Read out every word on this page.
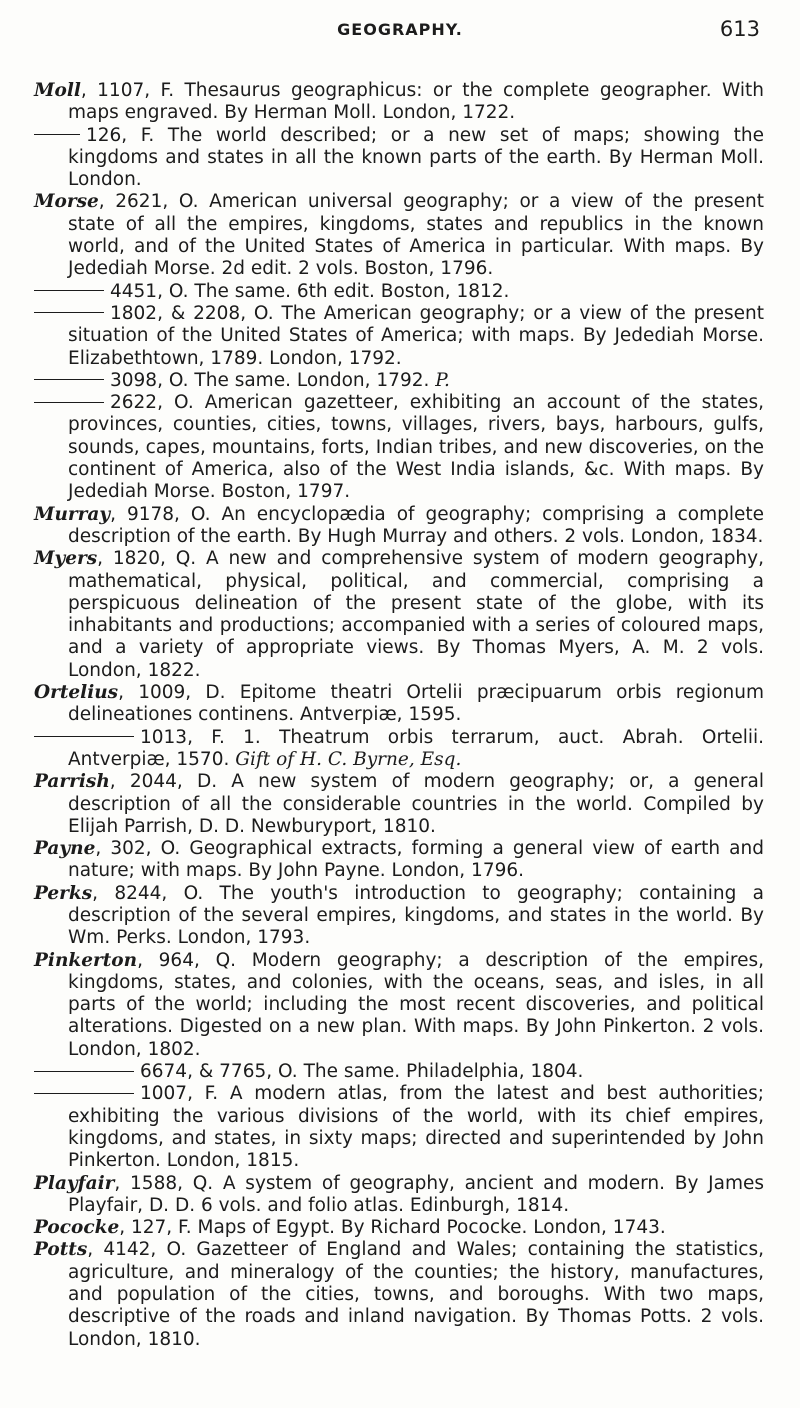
GEOGRAPHY.	613
Moll, 1107, F. Thesaurus geographicus: or the complete geographer. With maps engraved. By Herman Moll. London, 1722.
126, F. The world described; or a new set of maps; showing the kingdoms and states in all the known parts of the earth. By Herman Moll. London.
Morse, 2621, O. American universal geography; or a view of the present state of all the empires, kingdoms, states and republics in the known world, and of the United States of America in particular. With maps. By Jedediah Morse. 2d edit. 2 vols. Boston, 1796.
4451, O. The same. 6th edit. Boston, 1812.
1802, & 2208, O. The American geography; or a view of the present situation of the United States of America; with maps. By Jedediah Morse. Elizabethtown, 1789. London, 1792.
3098, O. The same. London, 1792. P.
2622, O. American gazetteer, exhibiting an account of the states, provinces, counties, cities, towns, villages, rivers, bays, harbours, gulfs, sounds, capes, mountains, forts, Indian tribes, and new discoveries, on the continent of America, also of the West India islands, &c. With maps. By Jedediah Morse. Boston, 1797.
Murray, 9178, O. An encyclopædia of geography; comprising a complete description of the earth. By Hugh Murray and others. 2 vols. London, 1834.
Myers, 1820, Q. A new and comprehensive system of modern geography, mathematical, physical, political, and commercial, comprising a perspicuous delineation of the present state of the globe, with its inhabitants and productions; accompanied with a series of coloured maps, and a variety of appropriate views. By Thomas Myers, A. M. 2 vols. London, 1822.
Ortelius, 1009, D. Epitome theatri Ortelii præcipuarum orbis regionum delineationes continens. Antverpiæ, 1595.
1013, F. 1. Theatrum orbis terrarum, auct. Abrah. Ortelii. Antverpiæ, 1570. Gift of H. C. Byrne, Esq.
Parrish, 2044, D. A new system of modern geography; or, a general description of all the considerable countries in the world. Compiled by Elijah Parrish, D. D. Newburyport, 1810.
Payne, 302, O. Geographical extracts, forming a general view of earth and nature; with maps. By John Payne. London, 1796.
Perks, 8244, O. The youth's introduction to geography; containing a description of the several empires, kingdoms, and states in the world. By Wm. Perks. London, 1793.
Pinkerton, 964, Q. Modern geography; a description of the empires, kingdoms, states, and colonies, with the oceans, seas, and isles, in all parts of the world; including the most recent discoveries, and political alterations. Digested on a new plan. With maps. By John Pinkerton. 2 vols. London, 1802.
6674, & 7765, O. The same. Philadelphia, 1804.
1007, F. A modern atlas, from the latest and best authorities; exhibiting the various divisions of the world, with its chief empires, kingdoms, and states, in sixty maps; directed and superintended by John Pinkerton. London, 1815.
Playfair, 1588, Q. A system of geography, ancient and modern. By James Playfair, D. D. 6 vols. and folio atlas. Edinburgh, 1814.
Pococke, 127, F. Maps of Egypt. By Richard Pococke. London, 1743.
Potts, 4142, O. Gazetteer of England and Wales; containing the statistics, agriculture, and mineralogy of the counties; the history, manufactures, and population of the cities, towns, and boroughs. With two maps, descriptive of the roads and inland navigation. By Thomas Potts. 2 vols. London, 1810.
